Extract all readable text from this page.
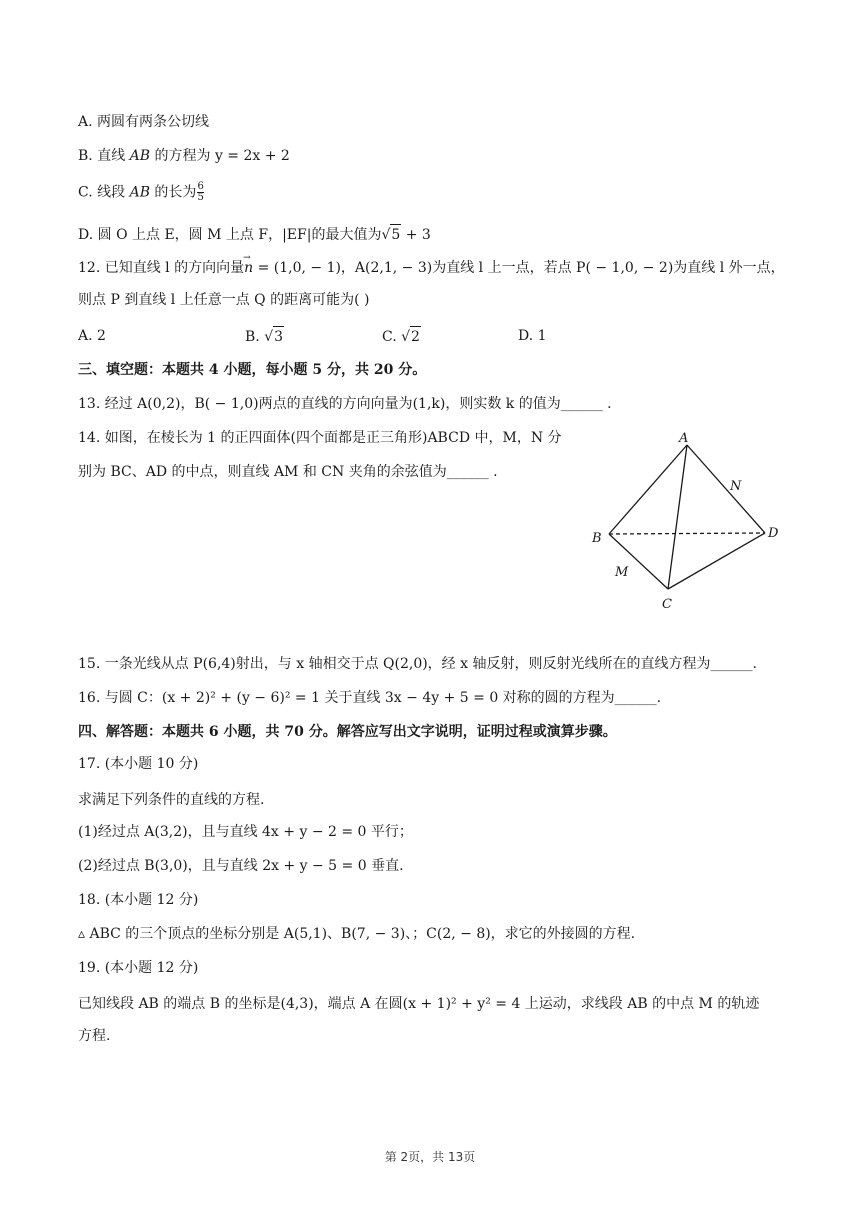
A. 两圆有两条公切线
B. 直线 AB 的方程为 y = 2x + 2
C. 线段 AB 的长为 $\frac{6}{5}$
D. 圆 O 上点 E，圆 M 上点 F，|EF|的最大值为√5 + 3
12. 已知直线 l 的方向向量→ n = (1,0, − 1)，A(2,1, − 3)为直线 l 上一点，若点 P( − 1,0, − 2)为直线 l 外一点，
则点 P 到直线 l 上任意一点 Q 的距离可能为( )
A. 2	B. √3	C. √2	D. 1
三、填空题：本题共 4 小题，每小题 5 分，共 20 分。
13. 经过 A(0,2)，B( − 1,0)两点的直线的方向向量为(1,k)，则实数 k 的值为______ .
14. 如图，在棱长为 1 的正四面体(四个面都是正三角形)ABCD 中，M，N 分
别为 BC、AD 的中点，则直线 AM 和 CN 夹角的余弦值为______ .
A
B
C
D
M
N
15. 一条光线从点 P(6,4)射出，与 x 轴相交于点 Q(2,0)，经 x 轴反射，则反射光线所在的直线方程为______.
16. 与圆 C：(x + 2)² + (y − 6)² = 1 关于直线 3x − 4y + 5 = 0 对称的圆的方程为______.
四、解答题：本题共 6 小题，共 70 分。解答应写出文字说明，证明过程或演算步骤。
17. (本小题 10 分)
求满足下列条件的直线的方程.
(1)经过点 A(3,2)，且与直线 4x + y − 2 = 0 平行；
(2)经过点 B(3,0)，且与直线 2x + y − 5 = 0 垂直.
18. (本小题 12 分)
▵ ABC 的三个顶点的坐标分别是 A(5,1)、B(7, − 3)、；C(2, − 8)，求它的外接圆的方程.
19. (本小题 12 分)
已知线段 AB 的端点 B 的坐标是(4,3)，端点 A 在圆(x + 1)² + y² = 4 上运动，求线段 AB 的中点 M 的轨迹
方程.
第 2页，共 13页
